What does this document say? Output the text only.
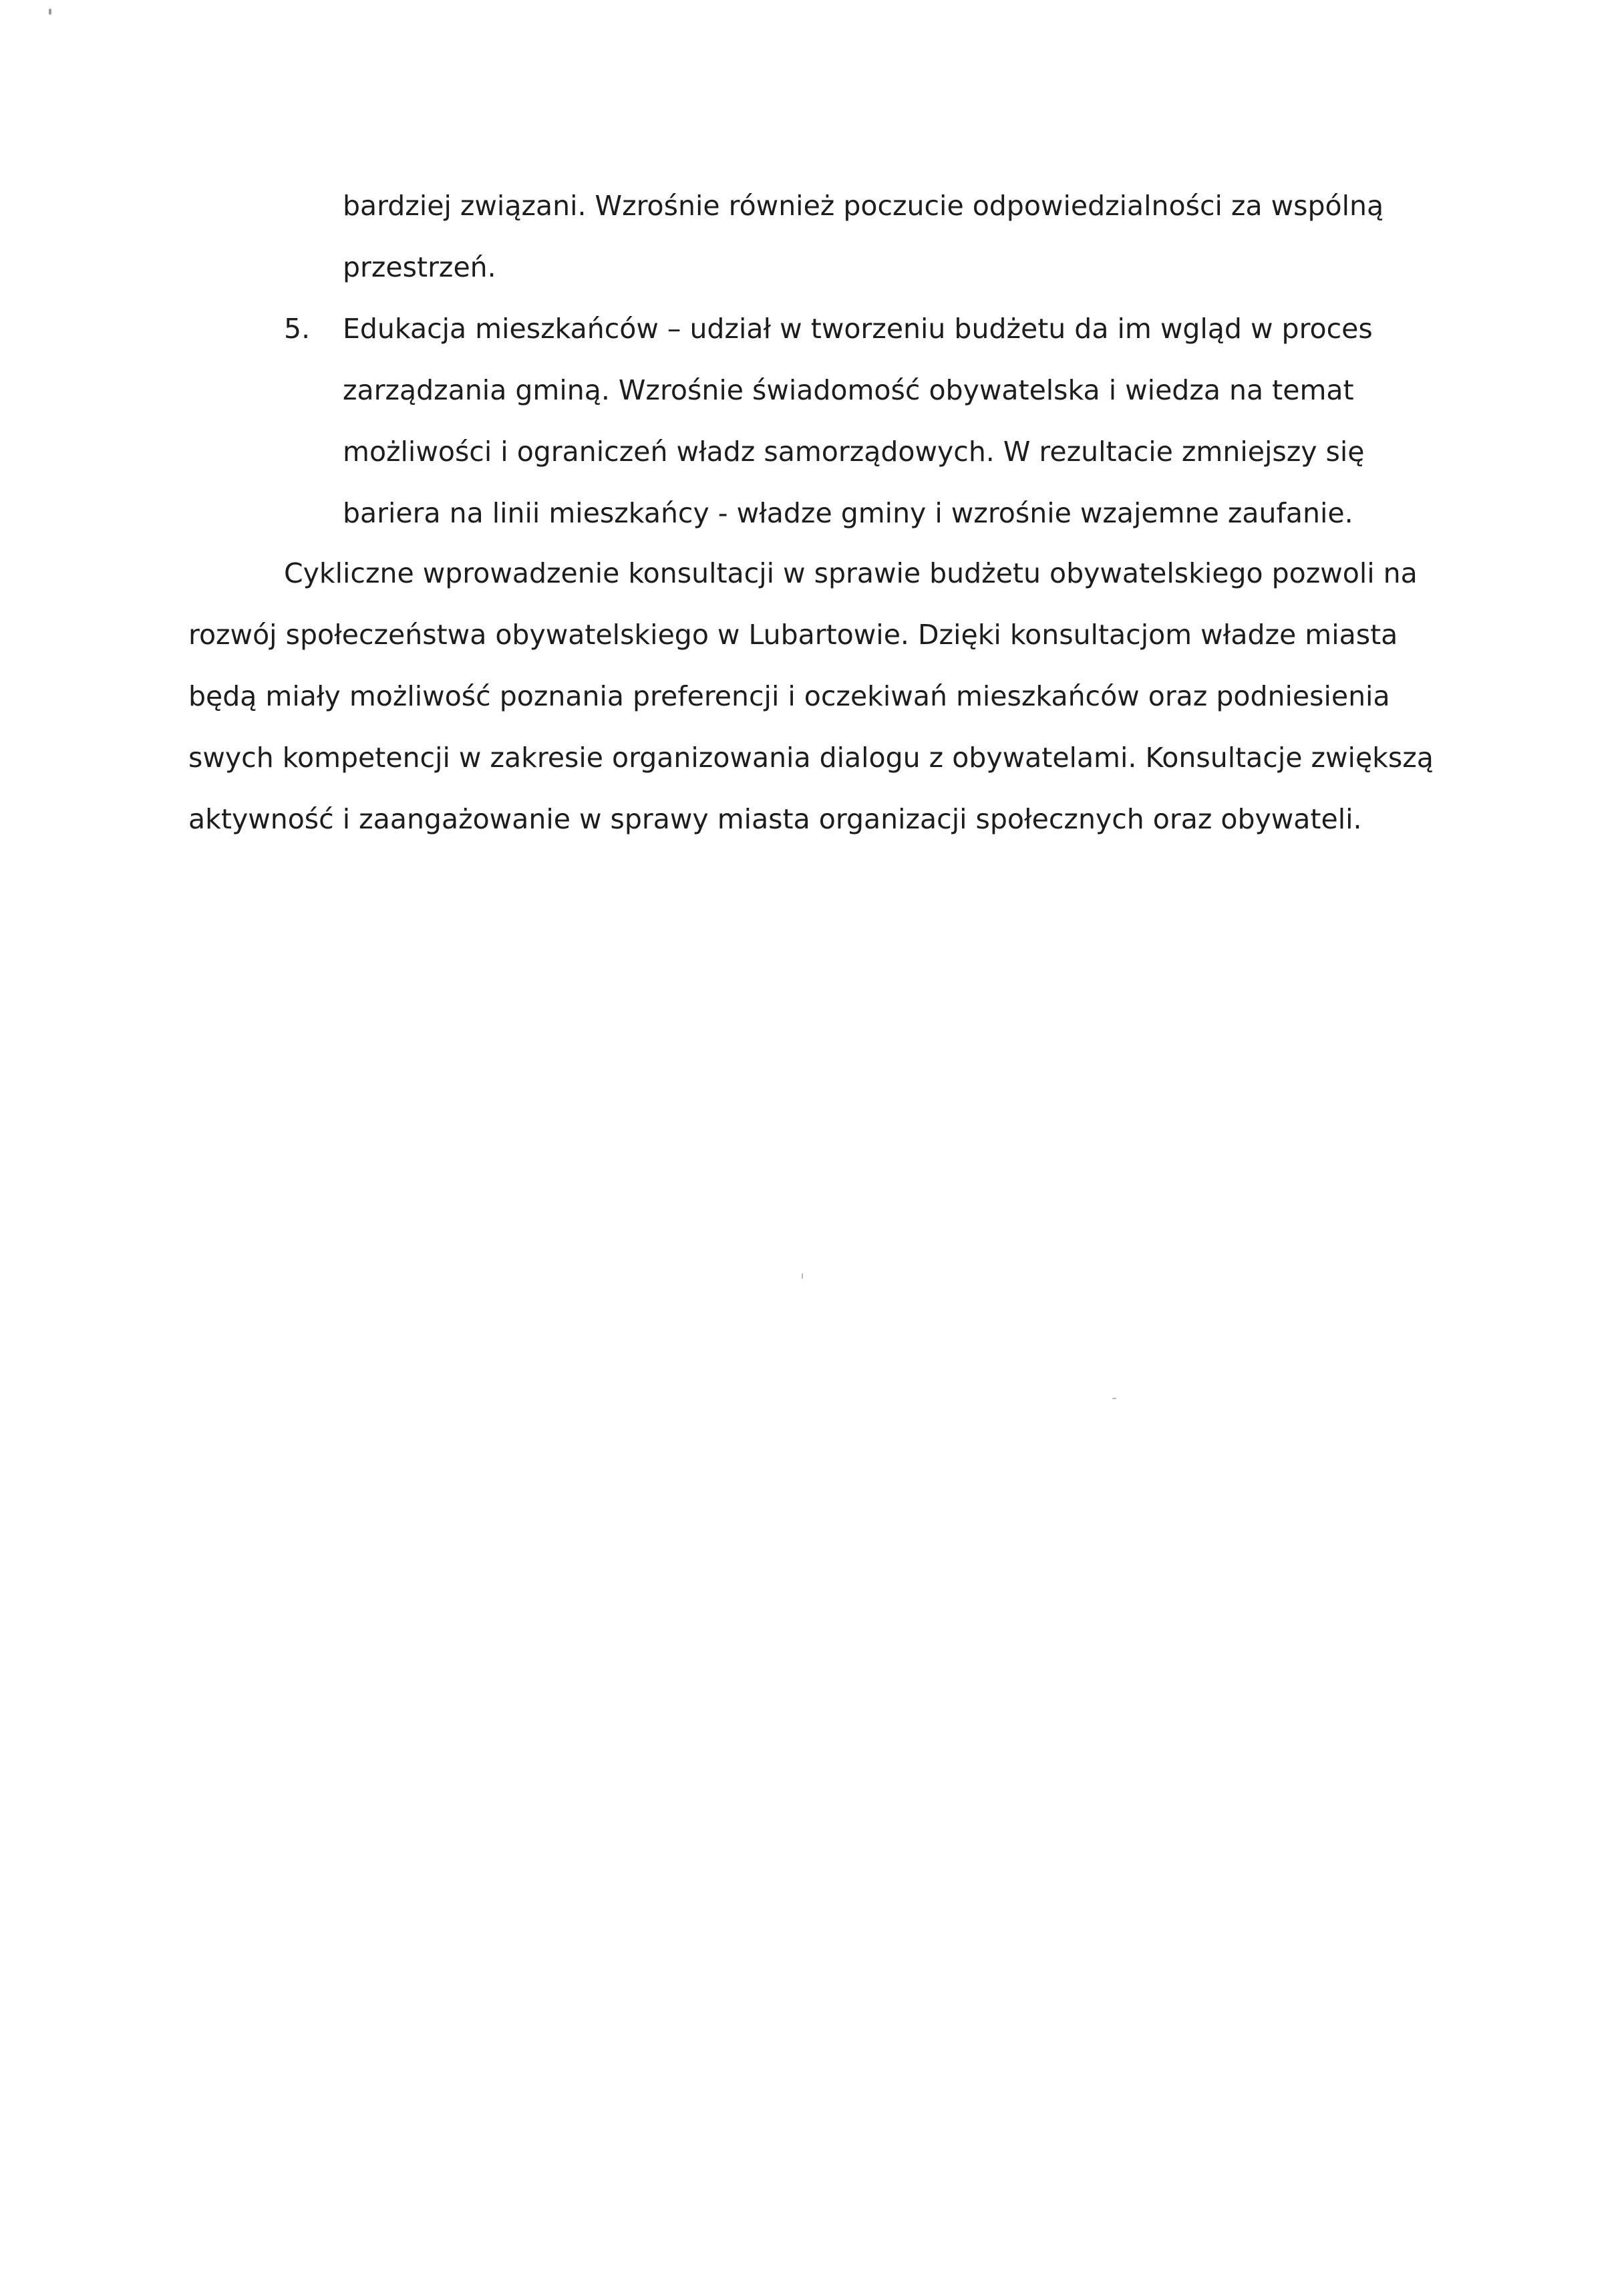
bardziej związani. Wzrośnie również poczucie odpowiedzialności za wspólną
przestrzeń.
5. Edukacja mieszkańców – udział w tworzeniu budżetu da im wgląd w proces
zarządzania gminą. Wzrośnie świadomość obywatelska i wiedza na temat
możliwości i ograniczeń władz samorządowych. W rezultacie zmniejszy się
bariera na linii mieszkańcy - władze gminy i wzrośnie wzajemne zaufanie.
Cykliczne wprowadzenie konsultacji w sprawie budżetu obywatelskiego pozwoli na
rozwój społeczeństwa obywatelskiego w Lubartowie. Dzięki konsultacjom władze miasta
będą miały możliwość poznania preferencji i oczekiwań mieszkańców oraz podniesienia
swych kompetencji w zakresie organizowania dialogu z obywatelami. Konsultacje zwiększą
aktywność i zaangażowanie w sprawy miasta organizacji społecznych oraz obywateli.
